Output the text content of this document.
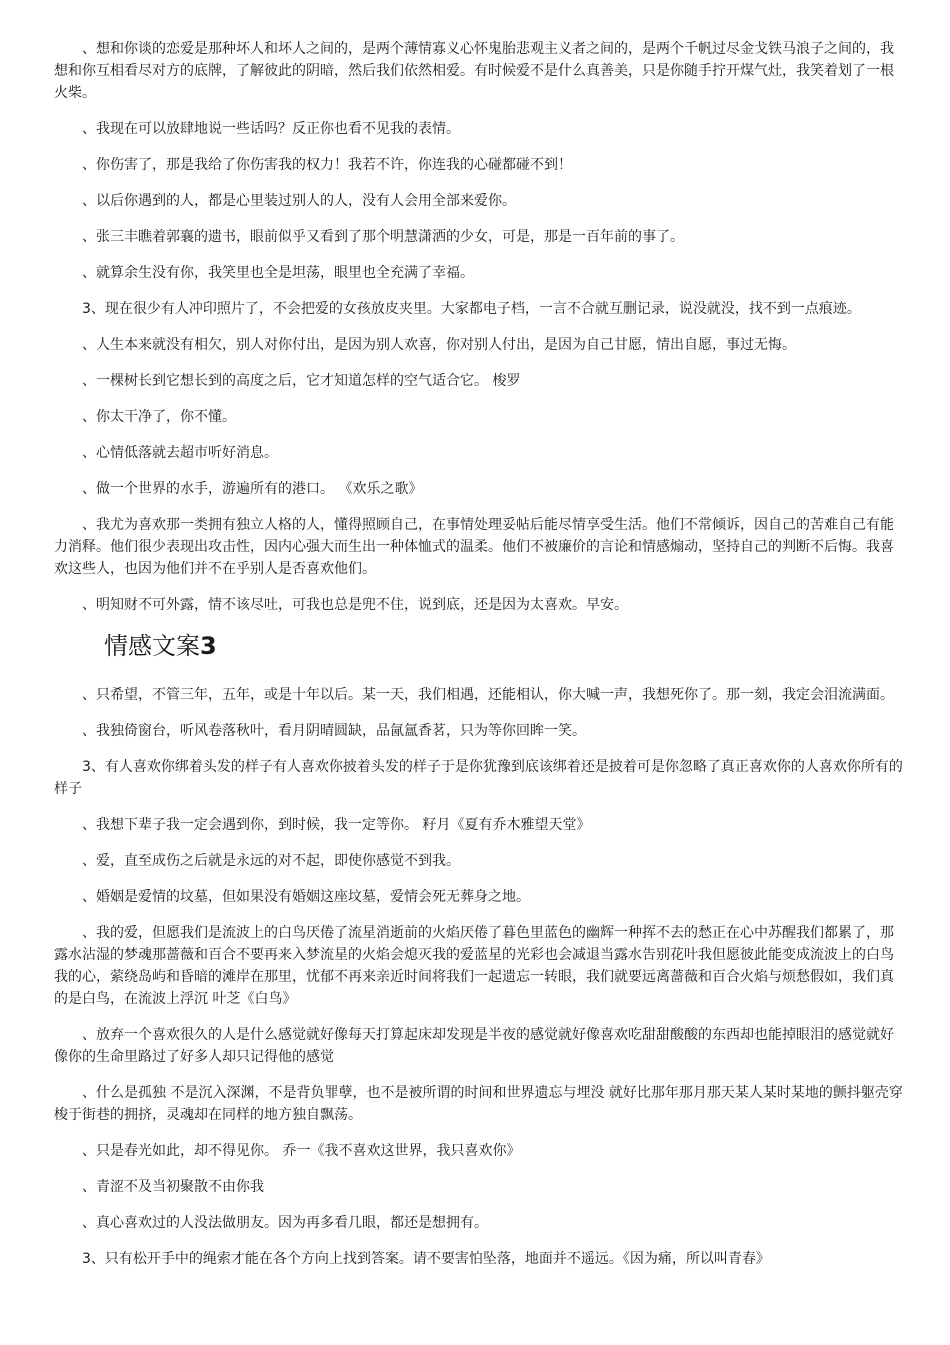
、想和你谈的恋爱是那种坏人和坏人之间的，是两个薄情寡义心怀鬼胎悲观主义者之间的，是两个千帆过尽金戈铁马浪子之间的，我想和你互相看尽对方的底牌，了解彼此的阴暗，然后我们依然相爱。有时候爱不是什么真善美，只是你随手拧开煤气灶，我笑着划了一根火柴。

、我现在可以放肆地说一些话吗？反正你也看不见我的表情。

、你伤害了，那是我给了你伤害我的权力！我若不许，你连我的心碰都碰不到！

、以后你遇到的人，都是心里装过别人的人，没有人会用全部来爱你。

、张三丰瞧着郭襄的遗书，眼前似乎又看到了那个明慧潇洒的少女，可是，那是一百年前的事了。

、就算余生没有你，我笑里也全是坦荡，眼里也全充满了幸福。

3、现在很少有人冲印照片了，不会把爱的女孩放皮夹里。大家都电子档，一言不合就互删记录，说没就没，找不到一点痕迹。

、人生本来就没有相欠，别人对你付出，是因为别人欢喜，你对别人付出，是因为自己甘愿，情出自愿，事过无悔。

、一棵树长到它想长到的高度之后，它才知道怎样的空气适合它。 梭罗

、你太干净了，你不懂。

、心情低落就去超市听好消息。

、做一个世界的水手，游遍所有的港口。 《欢乐之歌》

、我尤为喜欢那一类拥有独立人格的人，懂得照顾自己，在事情处理妥帖后能尽情享受生活。他们不常倾诉，因自己的苦难自己有能力消释。他们很少表现出攻击性，因内心强大而生出一种体恤式的温柔。他们不被廉价的言论和情感煽动，坚持自己的判断不后悔。我喜欢这些人，也因为他们并不在乎别人是否喜欢他们。

、明知财不可外露，情不该尽吐，可我也总是兜不住，说到底，还是因为太喜欢。早安。

情感文案3

、只希望，不管三年，五年，或是十年以后。某一天，我们相遇，还能相认，你大喊一声，我想死你了。那一刻，我定会泪流满面。

、我独倚窗台，听风卷落秋叶，看月阴晴圆缺，品氤氲香茗，只为等你回眸一笑。

3、有人喜欢你绑着头发的样子有人喜欢你披着头发的样子于是你犹豫到底该绑着还是披着可是你忽略了真正喜欢你的人喜欢你所有的样子

、我想下辈子我一定会遇到你，到时候，我一定等你。 籽月《夏有乔木雅望天堂》

、爱，直至成伤之后就是永远的对不起，即使你感觉不到我。

、婚姻是爱情的坟墓，但如果没有婚姻这座坟墓，爱情会死无葬身之地。

、我的爱，但愿我们是流波上的白鸟厌倦了流星消逝前的火焰厌倦了暮色里蓝色的幽辉一种挥不去的愁正在心中苏醒我们都累了，那露水沾湿的梦魂那蔷薇和百合不要再来入梦流星的火焰会熄灭我的爱蓝星的光彩也会减退当露水告别花叶我但愿彼此能变成流波上的白鸟我的心，萦绕岛屿和昏暗的滩岸在那里，忧郁不再来亲近时间将我们一起遗忘一转眼，我们就要远离蔷薇和百合火焰与烦愁假如，我们真的是白鸟，在流波上浮沉 叶芝《白鸟》

、放弃一个喜欢很久的人是什么感觉就好像每天打算起床却发现是半夜的感觉就好像喜欢吃甜甜酸酸的东西却也能掉眼泪的感觉就好像你的生命里路过了好多人却只记得他的感觉

、什么是孤独 不是沉入深渊，不是背负罪孽，也不是被所谓的时间和世界遗忘与埋没 就好比那年那月那天某人某时某地的颤抖躯壳穿梭于街巷的拥挤，灵魂却在同样的地方独自飘荡。

、只是春光如此，却不得见你。 乔一《我不喜欢这世界，我只喜欢你》

、青涩不及当初聚散不由你我

、真心喜欢过的人没法做朋友。因为再多看几眼，都还是想拥有。

3、只有松开手中的绳索才能在各个方向上找到答案。请不要害怕坠落，地面并不遥远。《因为痛，所以叫青春》
